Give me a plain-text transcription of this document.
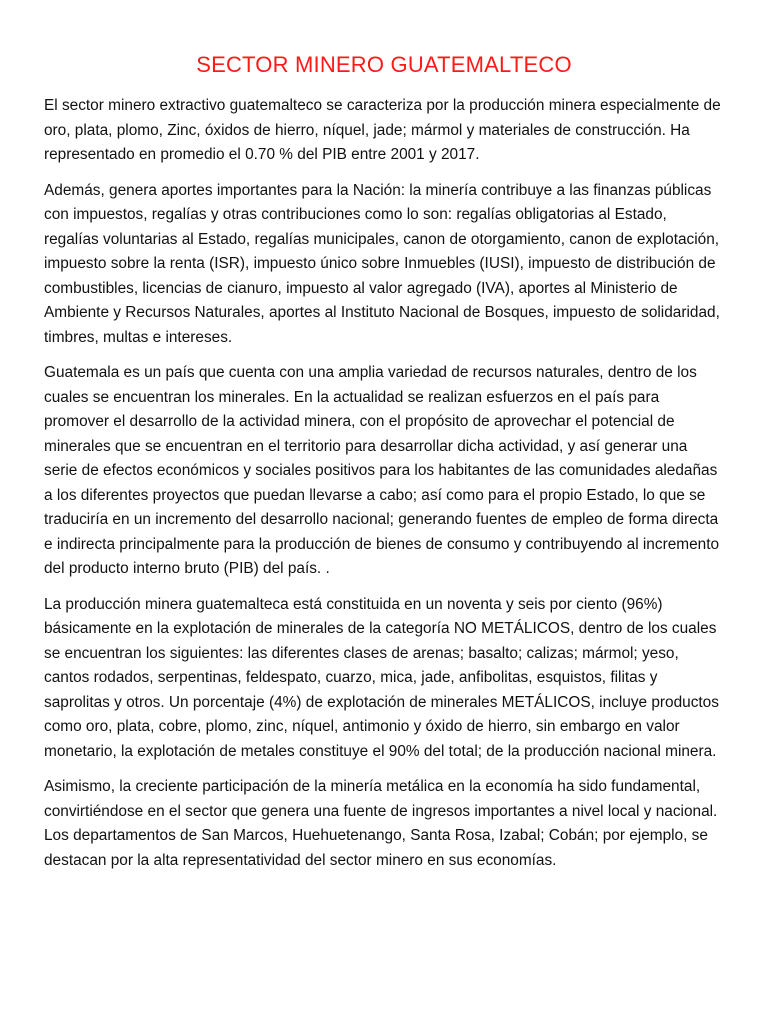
SECTOR MINERO GUATEMALTECO

El sector minero extractivo guatemalteco se caracteriza por la producción minera especialmente de oro, plata, plomo, Zinc, óxidos de hierro, níquel, jade; mármol y materiales de construcción. Ha representado en promedio el 0.70 % del PIB entre 2001 y 2017.

Además, genera aportes importantes para la Nación: la minería contribuye a las finanzas públicas con impuestos, regalías y otras contribuciones como lo son: regalías obligatorias al Estado, regalías voluntarias al Estado, regalías municipales, canon de otorgamiento, canon de explotación, impuesto sobre la renta (ISR), impuesto único sobre Inmuebles (IUSI), impuesto de distribución de combustibles, licencias de cianuro, impuesto al valor agregado (IVA), aportes al Ministerio de Ambiente y Recursos Naturales, aportes al Instituto Nacional de Bosques, impuesto de solidaridad, timbres, multas e intereses.

Guatemala es un país que cuenta con una amplia variedad de recursos naturales, dentro de los cuales se encuentran los minerales. En la actualidad se realizan esfuerzos en el país para promover el desarrollo de la actividad minera, con el propósito de aprovechar el potencial de minerales que se encuentran en el territorio para desarrollar dicha actividad, y así generar una serie de efectos económicos y sociales positivos para los habitantes de las comunidades aledañas a los diferentes proyectos que puedan llevarse a cabo; así como para el propio Estado, lo que se traduciría en un incremento del desarrollo nacional; generando fuentes de empleo de forma directa e indirecta principalmente para la producción de bienes de consumo y contribuyendo al incremento del producto interno bruto (PIB) del país. .

La producción minera guatemalteca está constituida en un noventa y seis por ciento (96%) básicamente en la explotación de minerales de la categoría NO METÁLICOS, dentro de los cuales se encuentran los siguientes: las diferentes clases de arenas; basalto; calizas; mármol; yeso, cantos rodados, serpentinas, feldespato, cuarzo, mica, jade, anfibolitas, esquistos, filitas y saprolitas y otros. Un porcentaje (4%) de explotación de minerales METÁLICOS, incluye productos como oro, plata, cobre, plomo, zinc, níquel, antimonio y óxido de hierro, sin embargo en valor monetario, la explotación de metales constituye el 90% del total; de la producción nacional minera.

Asimismo, la creciente participación de la minería metálica en la economía ha sido fundamental, convirtiéndose en el sector que genera una fuente de ingresos importantes a nivel local y nacional. Los departamentos de San Marcos, Huehuetenango, Santa Rosa, Izabal; Cobán; por ejemplo, se destacan por la alta representatividad del sector minero en sus economías.
